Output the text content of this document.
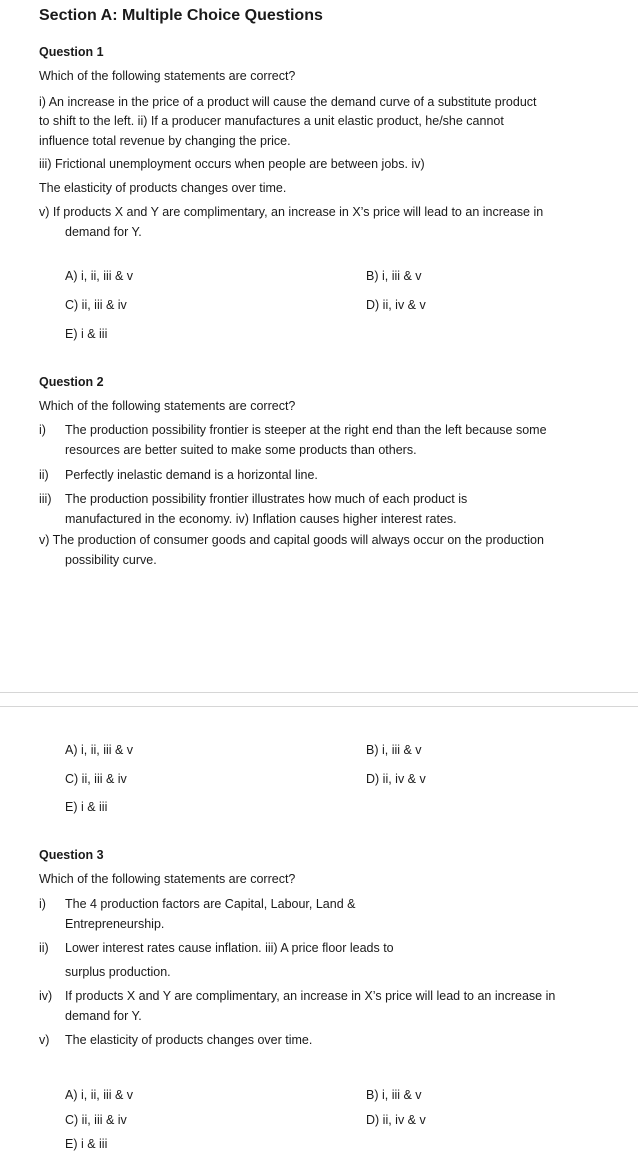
Section A: Multiple Choice Questions
Question 1
Which of the following statements are correct?
i) An increase in the price of a product will cause the demand curve of a substitute product
to shift to the left. ii) If a producer manufactures a unit elastic product, he/she cannot
influence total revenue by changing the price.
iii) Frictional unemployment occurs when people are between jobs. iv)
The elasticity of products changes over time.
v) If products X and Y are complimentary, an increase in X’s price will lead to an increase in
demand for Y.
A) i, ii, iii & v	B) i, iii & v
C) ii, iii & iv	D) ii, iv & v
E) i & iii
Question 2
Which of the following statements are correct?
i) The production possibility frontier is steeper at the right end than the left because some
resources are better suited to make some products than others.
ii) Perfectly inelastic demand is a horizontal line.
iii) The production possibility frontier illustrates how much of each product is
manufactured in the economy. iv) Inflation causes higher interest rates.
v) The production of consumer goods and capital goods will always occur on the production
possibility curve.
A) i, ii, iii & v	B) i, iii & v
C) ii, iii & iv	D) ii, iv & v
E) i & iii
Question 3
Which of the following statements are correct?
i) The 4 production factors are Capital, Labour, Land &
Entrepreneurship.
ii) Lower interest rates cause inflation. iii) A price floor leads to
surplus production.
iv) If products X and Y are complimentary, an increase in X’s price will lead to an increase in
demand for Y.
v) The elasticity of products changes over time.
A) i, ii, iii & v	B) i, iii & v
C) ii, iii & iv	D) ii, iv & v
E) i & iii
